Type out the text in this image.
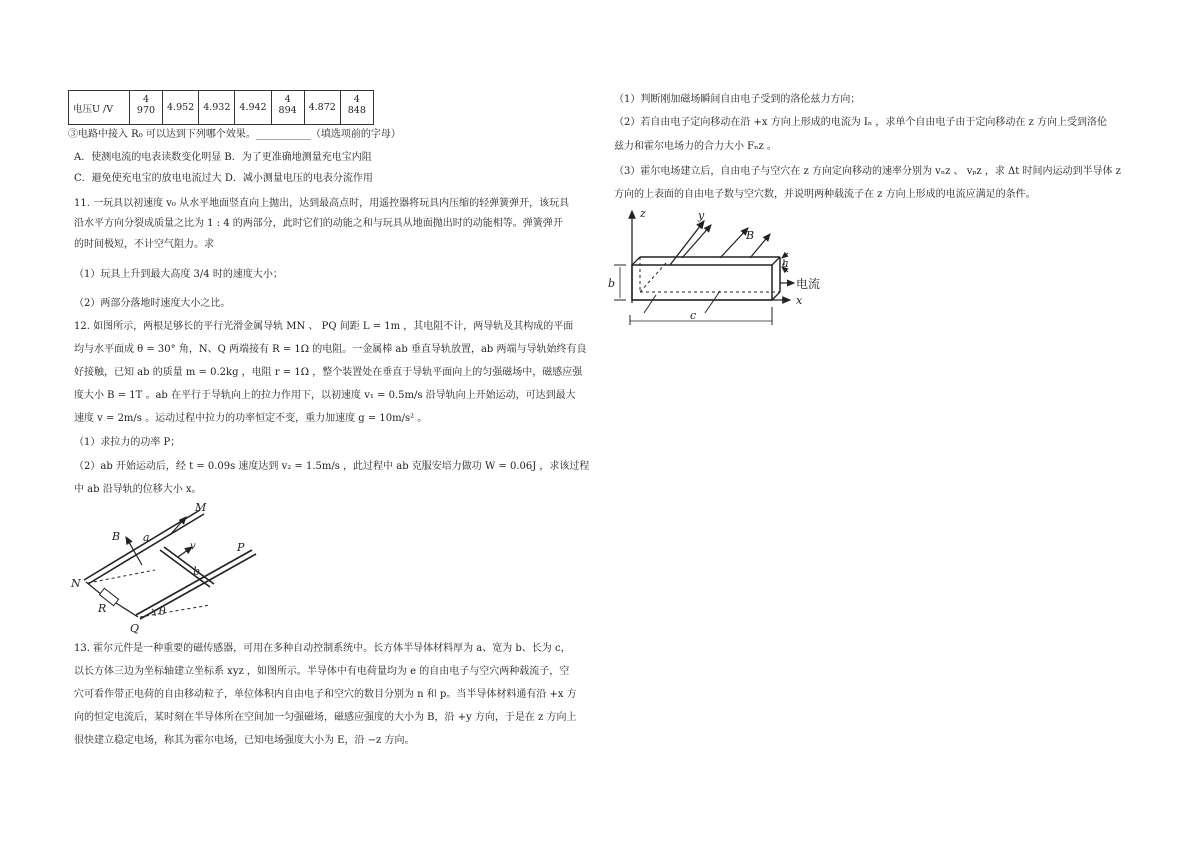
电压U /V	4 970	4.952	4.932	4.942	4 894	4.872	4 848
③电路中接入 R₀ 可以达到下列哪个效果。___________（填选项前的字母）
A．使测电流的电表读数变化明显 B．为了更准确地测量充电宝内阻
C．避免使充电宝的放电电流过大 D．减小测量电压的电表分流作用
11. 一玩具以初速度 v₀ 从水平地面竖直向上抛出，达到最高点时，用遥控器将玩具内压缩的轻弹簧弹开，该玩具
沿水平方向分裂成质量之比为 1 : 4 的两部分，此时它们的动能之和与玩具从地面抛出时的动能相等。弹簧弹开
的时间极短，不计空气阻力。求
（1）玩具上升到最大高度 3/4 时的速度大小；
（2）两部分落地时速度大小之比。
12. 如图所示，两根足够长的平行光滑金属导轨 MN 、 PQ 间距 L = 1m ，其电阻不计，两导轨及其构成的平面
均与水平面成 θ = 30° 角，N、Q 两端接有 R = 1Ω 的电阻。一金属棒 ab 垂直导轨放置，ab 两端与导轨始终有良
好接触，已知 ab 的质量 m = 0.2kg ，电阻 r = 1Ω ，整个装置处在垂直于导轨平面向上的匀强磁场中，磁感应强
度大小 B = 1T 。ab 在平行于导轨向上的拉力作用下，以初速度 v₁ = 0.5m/s 沿导轨向上开始运动，可达到最大
速度 v = 2m/s 。运动过程中拉力的功率恒定不变，重力加速度 g = 10m/s² 。
（1）求拉力的功率 P；
（2）ab 开始运动后，经 t = 0.09s 速度达到 v₂ = 1.5m/s ，此过程中 ab 克服安培力做功 W = 0.06J ，求该过程
中 ab 沿导轨的位移大小 x。
13. 霍尔元件是一种重要的磁传感器，可用在多种自动控制系统中。长方体半导体材料厚为 a、宽为 b、长为 c，
以长方体三边为坐标轴建立坐标系 xyz ，如图所示。半导体中有电荷量均为 e 的自由电子与空穴两种载流子，空
穴可看作带正电荷的自由移动粒子，单位体积内自由电子和空穴的数目分别为 n 和 p。当半导体材料通有沿 +x 方
向的恒定电流后，某时刻在半导体所在空间加一匀强磁场，磁感应强度的大小为 B，沿 +y 方向，于是在 z 方向上
很快建立稳定电场，称其为霍尔电场，已知电场强度大小为 E，沿 −z 方向。
（1）判断刚加磁场瞬间自由电子受到的洛伦兹力方向；
（2）若自由电子定向移动在沿 +x 方向上形成的电流为 Iₙ ，求单个自由电子由于定向移动在 z 方向上受到洛伦
兹力和霍尔电场力的合力大小 Fₙz 。
（3）霍尔电场建立后，自由电子与空穴在 z 方向定向移动的速率分别为 vₙz 、 vₚz ，求 Δt 时间内运动到半导体 z
方向的上表面的自由电子数与空穴数，并说明两种载流子在 z 方向上形成的电流应满足的条件。
M
P
B a
v
b
N
R	θ
Q
z	y
B
a
b	电流
x
c
